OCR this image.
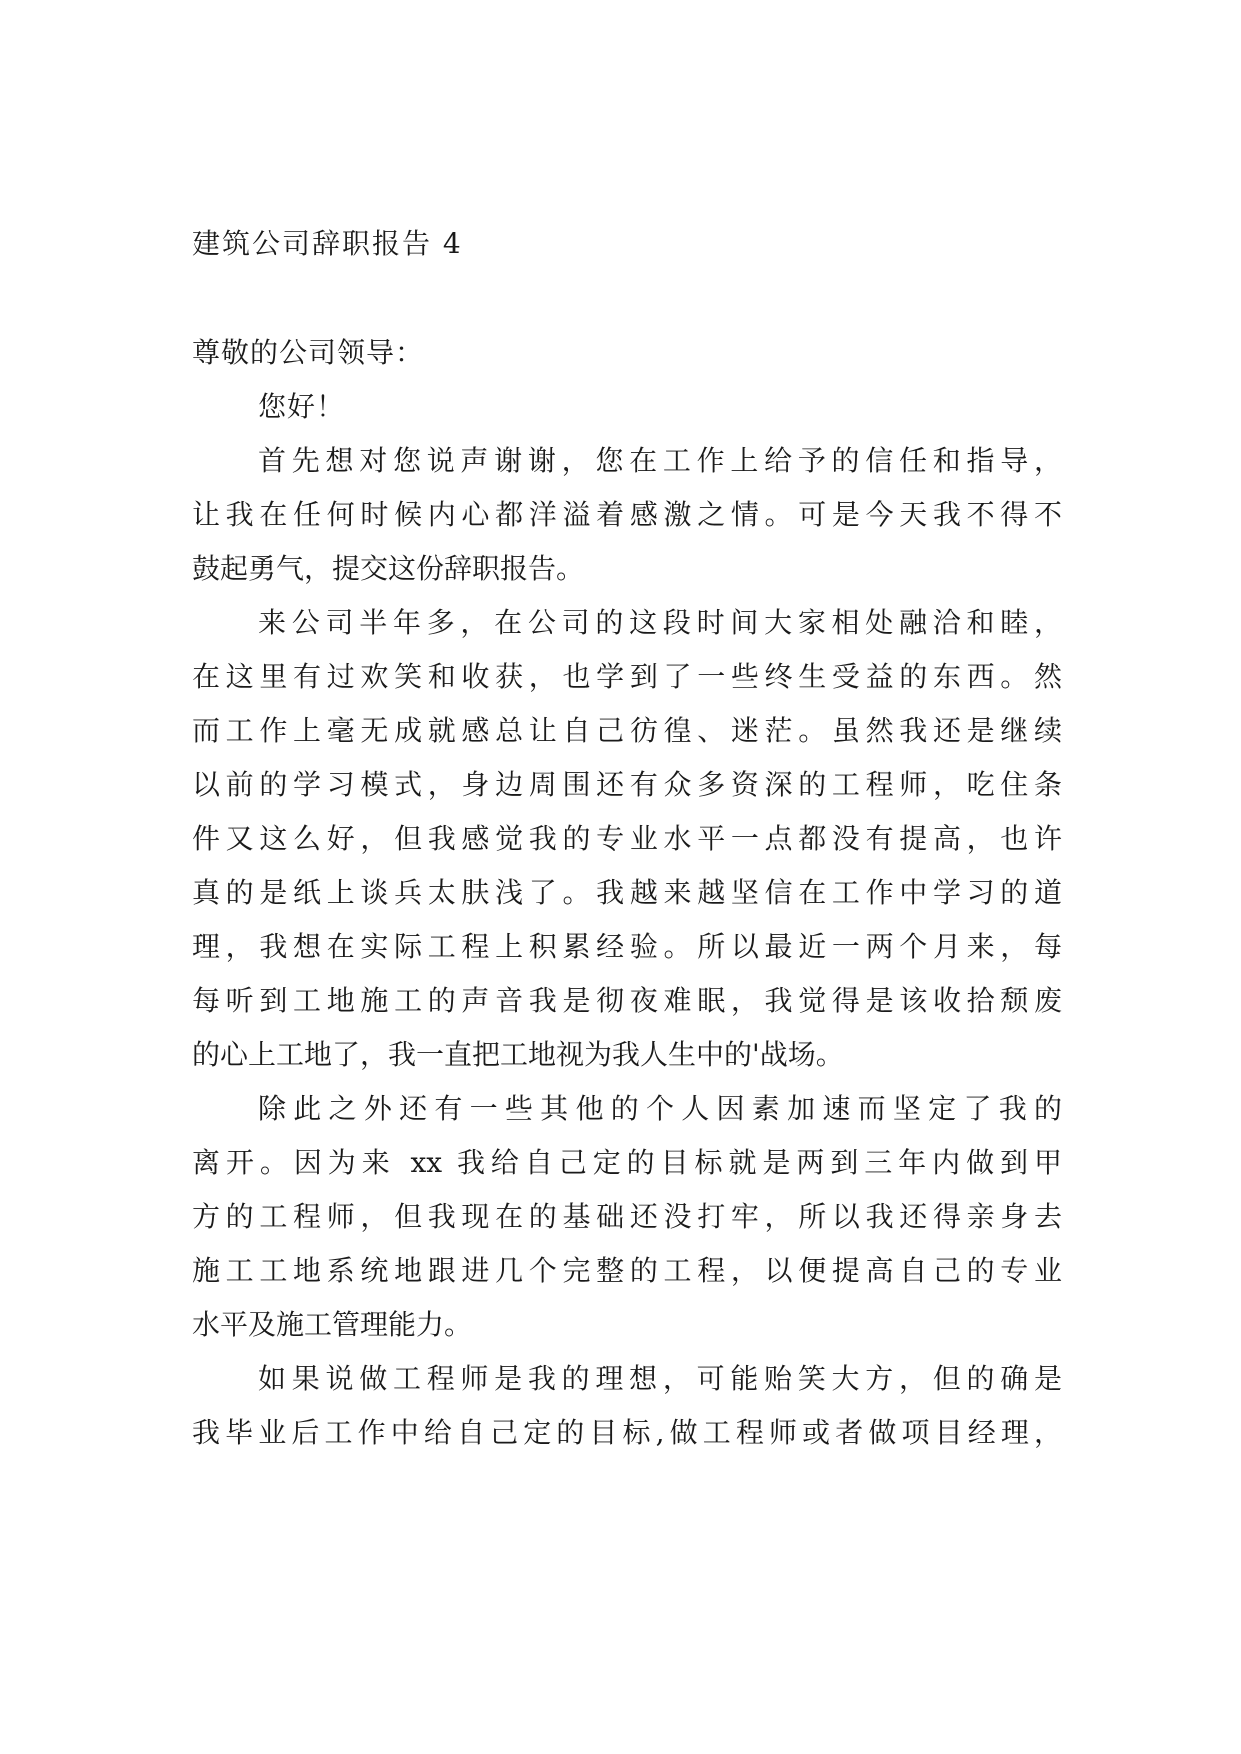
建筑公司辞职报告 4
尊敬的公司领导：
您好！
首先想对您说声谢谢，您在工作上给予的信任和指导，
让我在任何时候内心都洋溢着感激之情。可是今天我不得不
鼓起勇气，提交这份辞职报告。
来公司半年多，在公司的这段时间大家相处融洽和睦，
在这里有过欢笑和收获，也学到了一些终生受益的东西。然
而工作上毫无成就感总让自己彷徨、迷茫。虽然我还是继续
以前的学习模式，身边周围还有众多资深的工程师，吃住条
件又这么好，但我感觉我的专业水平一点都没有提高，也许
真的是纸上谈兵太肤浅了。我越来越坚信在工作中学习的道
理，我想在实际工程上积累经验。所以最近一两个月来，每
每听到工地施工的声音我是彻夜难眠，我觉得是该收拾颓废
的心上工地了，我一直把工地视为我人生中的'战场。
除此之外还有一些其他的个人因素加速而坚定了我的
离开。因为来 xx 我给自己定的目标就是两到三年内做到甲
方的工程师，但我现在的基础还没打牢，所以我还得亲身去
施工工地系统地跟进几个完整的工程，以便提高自己的专业
水平及施工管理能力。
如果说做工程师是我的理想，可能贻笑大方，但的确是
我毕业后工作中给自己定的目标,做工程师或者做项目经理，
